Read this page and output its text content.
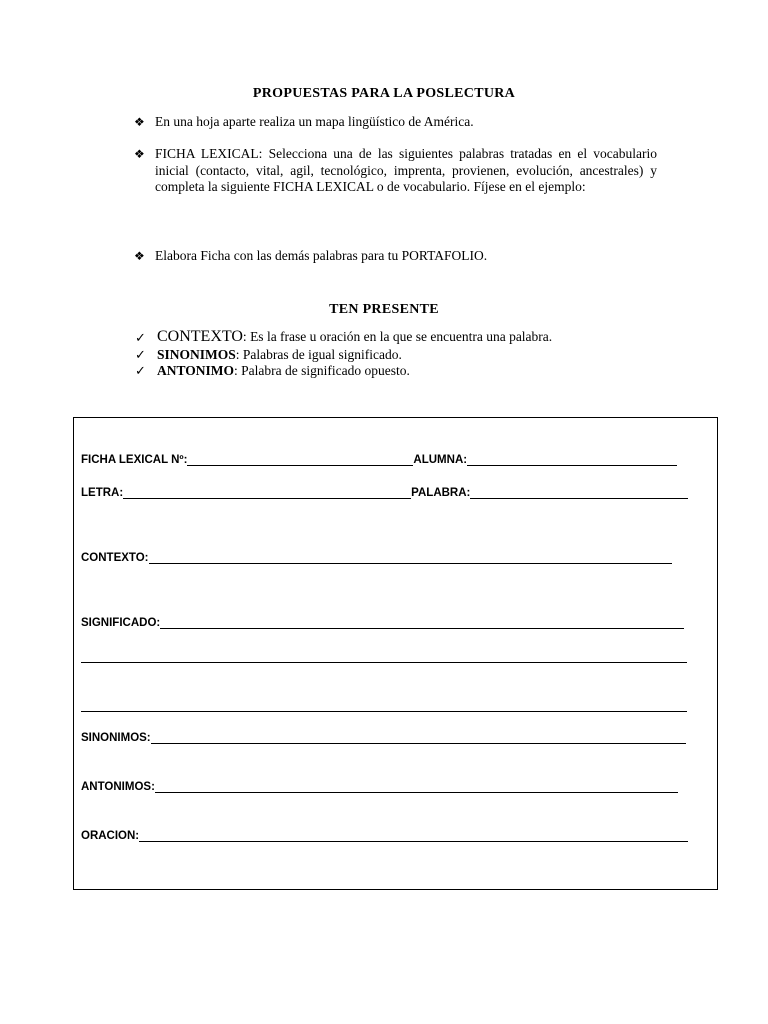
PROPUESTAS PARA LA POSLECTURA
❖ En una hoja aparte realiza un mapa lingüístico de América.
❖ FICHA LEXICAL: Selecciona una de las siguientes palabras tratadas en el vocabulario inicial (contacto, vital, agil, tecnológico, imprenta, provienen, evolución, ancestrales) y completa la siguiente FICHA LEXICAL o de vocabulario. Fíjese en el ejemplo:
❖ Elabora Ficha con las demás palabras para tu PORTAFOLIO.
TEN PRESENTE
✓ CONTEXTO: Es la frase u oración en la que se encuentra una palabra.
✓ SINONIMOS: Palabras de igual significado.
✓ ANTONIMO: Palabra de significado opuesto.
FICHA LEXICAL Nº:	ALUMNA:
LETRA:	PALABRA:
CONTEXTO:
SIGNIFICADO:
SINONIMOS:
ANTONIMOS:
ORACION:
